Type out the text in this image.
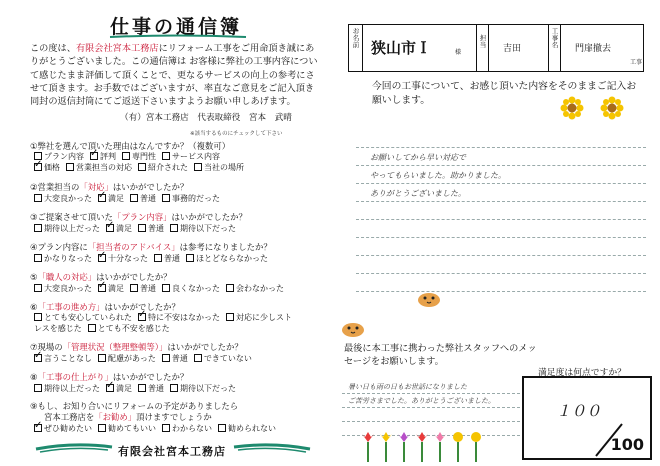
仕事の通信簿
この度は、有限会社宮本工務店にリフォーム工事をご用命頂き誠にありがとうございました。この通信簿は お客様に弊社の工事内容について感じたまま評価して頂くことで、更なるサービスの向上の参考にさせて頂きます。お手数ではございますが、率直なご意見をご記入頂き 同封の返信封筒にてご返送下さいますようお願い申しあげます。
（有）宮本工務店　代表取締役　宮本　武晴
※該当するものにチェックして下さい
①弊社を選んで頂いた理由はなんですか？（複数可）
プラン内容 ✓ 評判 専門性 サービス内容
✓価格 営業担当の対応 紹介された 当社の場所
②営業担当の「対応」はいかがでしたか？
大変良かった ✓ 満足 普通 事務的だった
③ご提案させて頂いた「プラン内容」はいかがでしたか？
期待以上だった ✓ 満足 普通 期待以下だった
④プラン内容に「担当者のアドバイス」は参考になりましたか？
かなりなった ✓ 十分なった 普通 ほとどならなかった
⑤「職人の対応」はいかがでしたか？
大変良かった ✓ 満足 普通 良くなかった 会わなかった
⑥「工事の進め方」はいかがでしたか？
とても安心していられた ✓ 特に不安はなかった 対応に少しスト
レスを感じた とても不安を感じた
⑦現場の「管理状況（整理整頓等）」はいかがでしたか？
✓言うことなし 配慮があった 普通 できていない
⑧「工事の仕上がり」はいかがでしたか？
期待以上だった ✓ 満足 普通 期待以下だった
⑨もし、お知り合いにリフォームの予定がありましたら
宮本工務店を「お勧め」頂けますでしょうか
✓ぜひ勧めたい 勧めてもいい わからない 勧められない
有限会社宮本工務店
お名前 狭山市Ｉ	様
担当 吉田
工事名 門扉撤去
工事
今回の工事について、お感じ頂いた内容をそのままご記入お願いします。
お願いしてから早い対応で
やってもらいました。助かりました。
ありがとうございました。
最後に本工事に携わった弊社スタッフへのメッセージをお願いします。
満足度は何点ですか？
暑い日も雨の日もお世話になりました
ご苦労さまでした。ありがとうございました。
１００
100
